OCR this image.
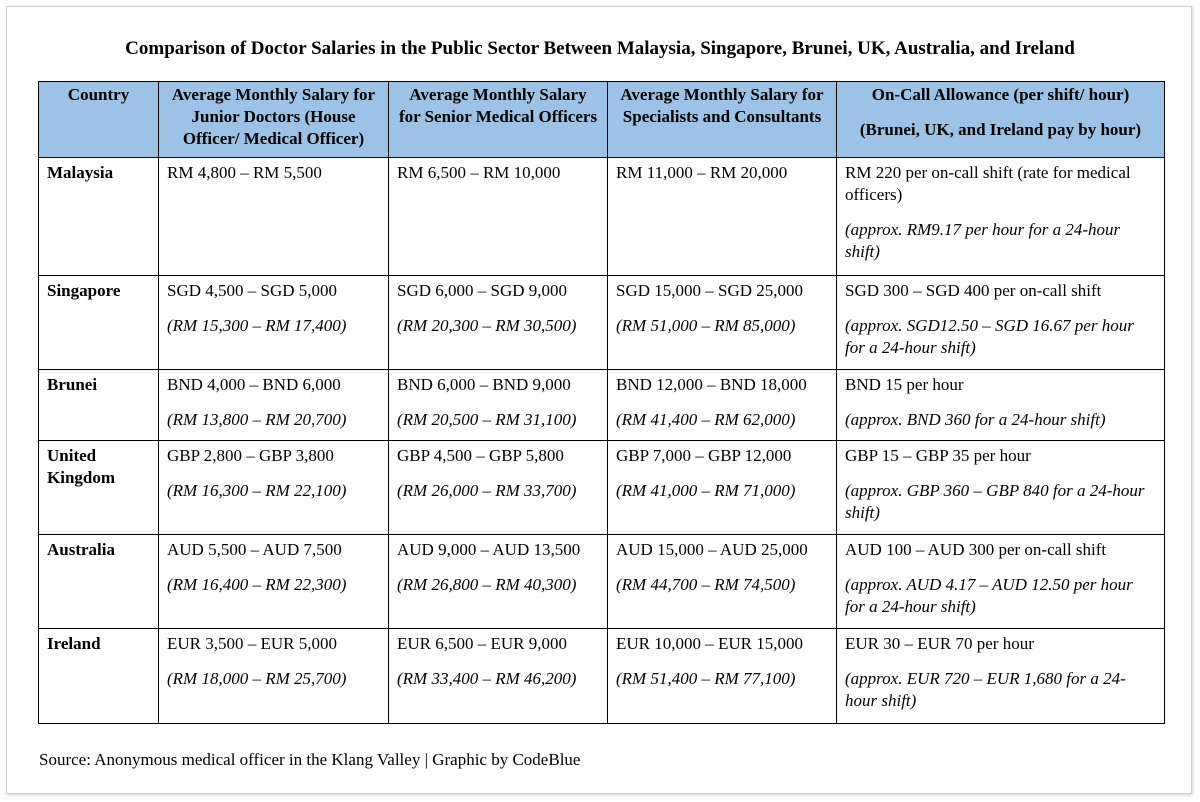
Comparison of Doctor Salaries in the Public Sector Between Malaysia, Singapore, Brunei, UK, Australia, and Ireland
Country	Average Monthly Salary for Junior Doctors (House Officer/ Medical Officer)	Average Monthly Salary for Senior Medical Officers	Average Monthly Salary for Specialists and Consultants	On-Call Allowance (per shift/ hour)
(Brunei, UK, and Ireland pay by hour)

Malaysia	RM 4,800 – RM 5,500	RM 6,500 – RM 10,000	RM 11,000 – RM 20,000	RM 220 per on-call shift (rate for medical officers)
(approx. RM9.17 per hour for a 24-hour shift)

Singapore	SGD 4,500 – SGD 5,000
(RM 15,300 – RM 17,400)	SGD 6,000 – SGD 9,000
(RM 20,300 – RM 30,500)	SGD 15,000 – SGD 25,000
(RM 51,000 – RM 85,000)	SGD 300 – SGD 400 per on-call shift
(approx. SGD12.50 – SGD 16.67 per hour for a 24-hour shift)

Brunei	BND 4,000 – BND 6,000
(RM 13,800 – RM 20,700)	BND 6,000 – BND 9,000
(RM 20,500 – RM 31,100)	BND 12,000 – BND 18,000
(RM 41,400 – RM 62,000)	BND 15 per hour
(approx. BND 360 for a 24-hour shift)

United Kingdom	GBP 2,800 – GBP 3,800
(RM 16,300 – RM 22,100)	GBP 4,500 – GBP 5,800
(RM 26,000 – RM 33,700)	GBP 7,000 – GBP 12,000
(RM 41,000 – RM 71,000)	GBP 15 – GBP 35 per hour
(approx. GBP 360 – GBP 840 for a 24-hour shift)

Australia	AUD 5,500 – AUD 7,500
(RM 16,400 – RM 22,300)	AUD 9,000 – AUD 13,500
(RM 26,800 – RM 40,300)	AUD 15,000 – AUD 25,000
(RM 44,700 – RM 74,500)	AUD 100 – AUD 300 per on-call shift
(approx. AUD 4.17 – AUD 12.50 per hour for a 24-hour shift)

Ireland	EUR 3,500 – EUR 5,000
(RM 18,000 – RM 25,700)	EUR 6,500 – EUR 9,000
(RM 33,400 – RM 46,200)	EUR 10,000 – EUR 15,000
(RM 51,400 – RM 77,100)	EUR 30 – EUR 70 per hour
(approx. EUR 720 – EUR 1,680 for a 24-hour shift)
Source: Anonymous medical officer in the Klang Valley | Graphic by CodeBlue
